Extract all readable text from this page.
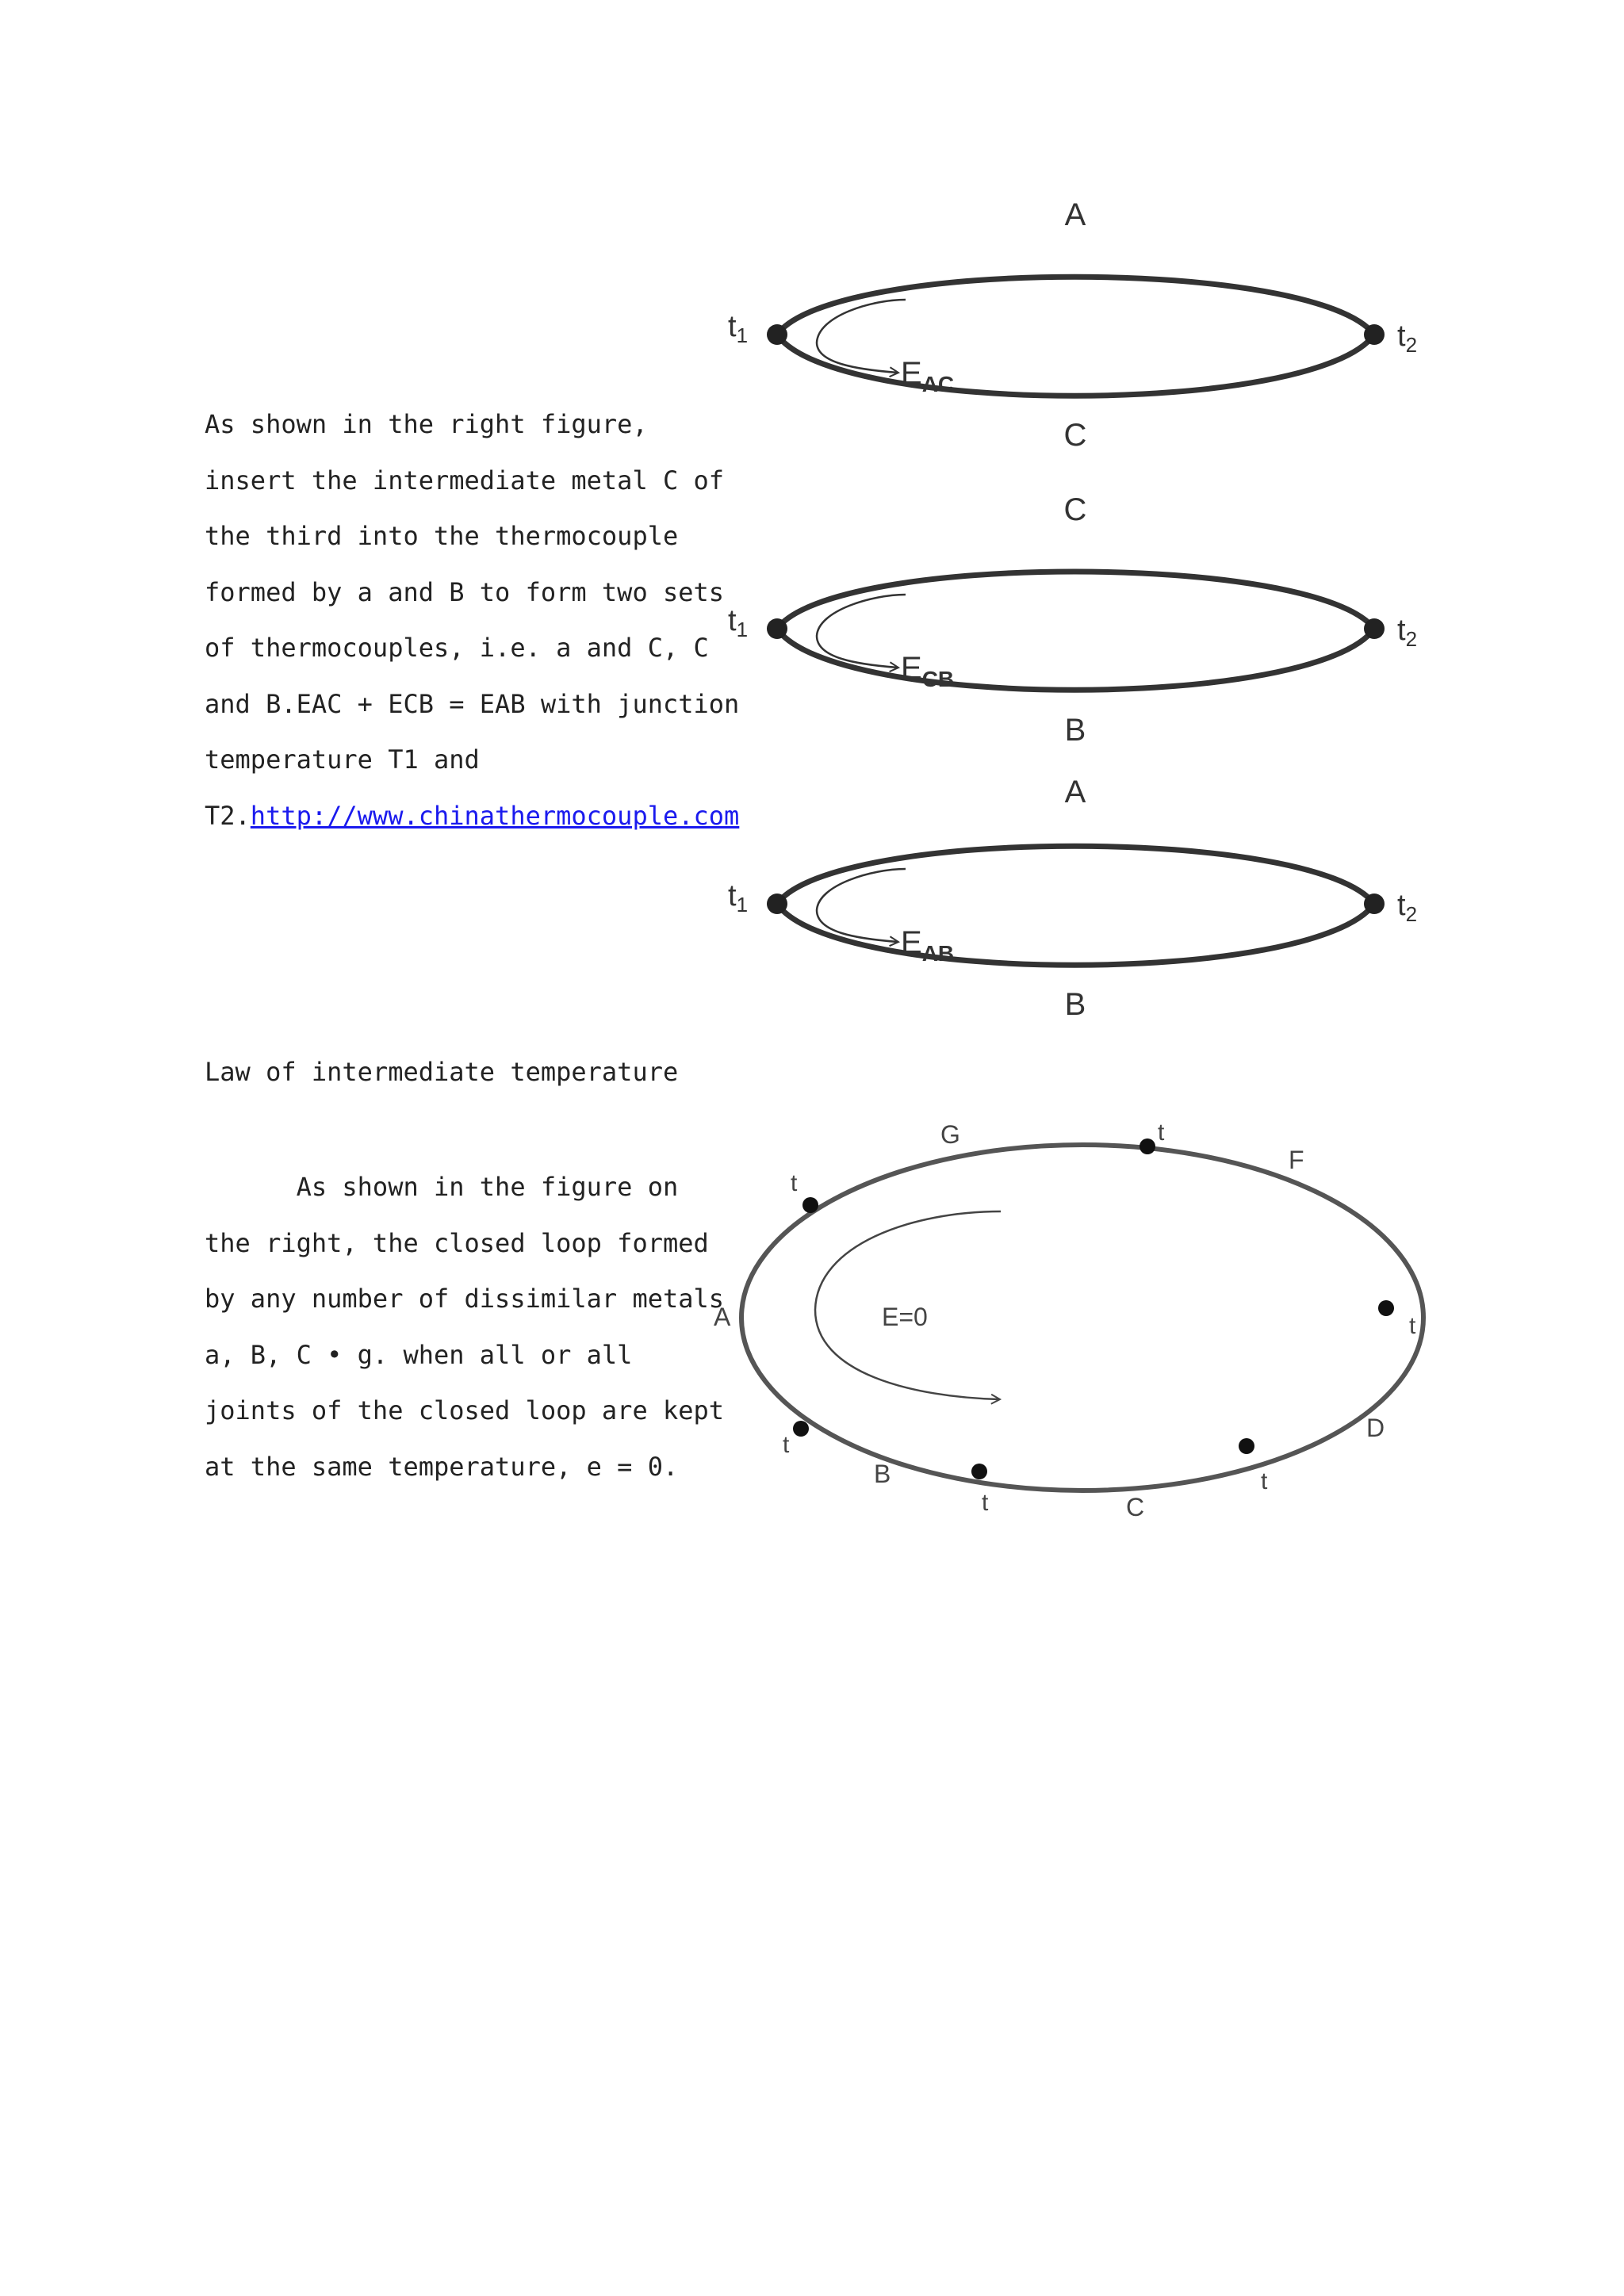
As shown in the right figure,
insert the intermediate metal C of
the third into the thermocouple
formed by a and B to form two sets
of thermocouples, i.e. a and C, C
and B.EAC + ECB = EAB with junction
temperature T1 and
T2.http://www.chinathermocouple.com
A
$t_1$	$t_2$
$E_{AC}$
C
C
$t_1$	$t_2$
$E_{CB}$
B
A
$t_1$	$t_2$
$E_{AB}$
B
Law of intermediate temperature
As shown in the figure on
the right, the closed loop formed
by any number of dissimilar metals
a, B, C • g. when all or all
joints of the closed loop are kept
at the same temperature, e = 0.
t
t
t
t
t
t
G
F
A
D
B
C
E=0
